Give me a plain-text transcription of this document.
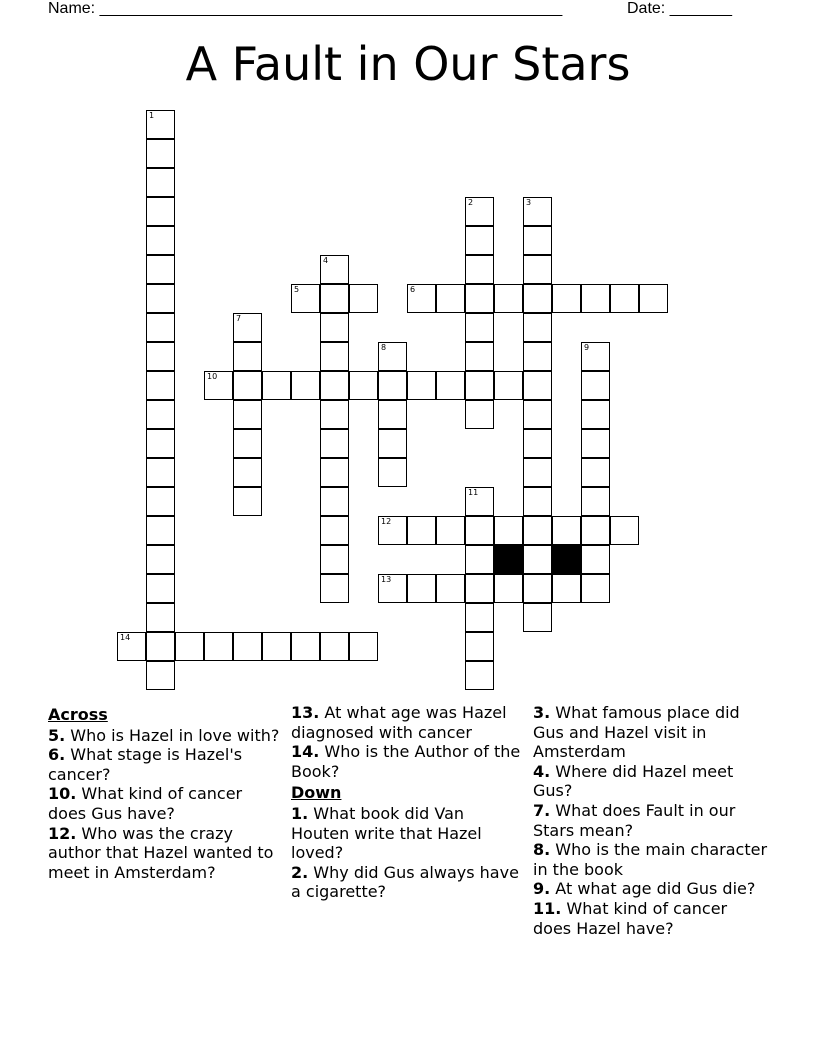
Name: ____________________________________________________	Date: _______
A Fault in Our Stars
1
2	3
4
5	6
7
8	9
10
11
12
13
14
Across

5. Who is Hazel in love with?

6. What stage is Hazel's cancer?

10. What kind of cancer does Gus have?

12. Who was the crazy author that Hazel wanted to meet in Amsterdam?

13. At what age was Hazel diagnosed with cancer

14. Who is the Author of the Book?

Down

1. What book did Van Houten write that Hazel loved?

2. Why did Gus always have a cigarette?

3. What famous place did Gus and Hazel visit in Amsterdam

4. Where did Hazel meet Gus?

7. What does Fault in our Stars mean?

8. Who is the main character in the book

9. At what age did Gus die?

11. What kind of cancer does Hazel have?
